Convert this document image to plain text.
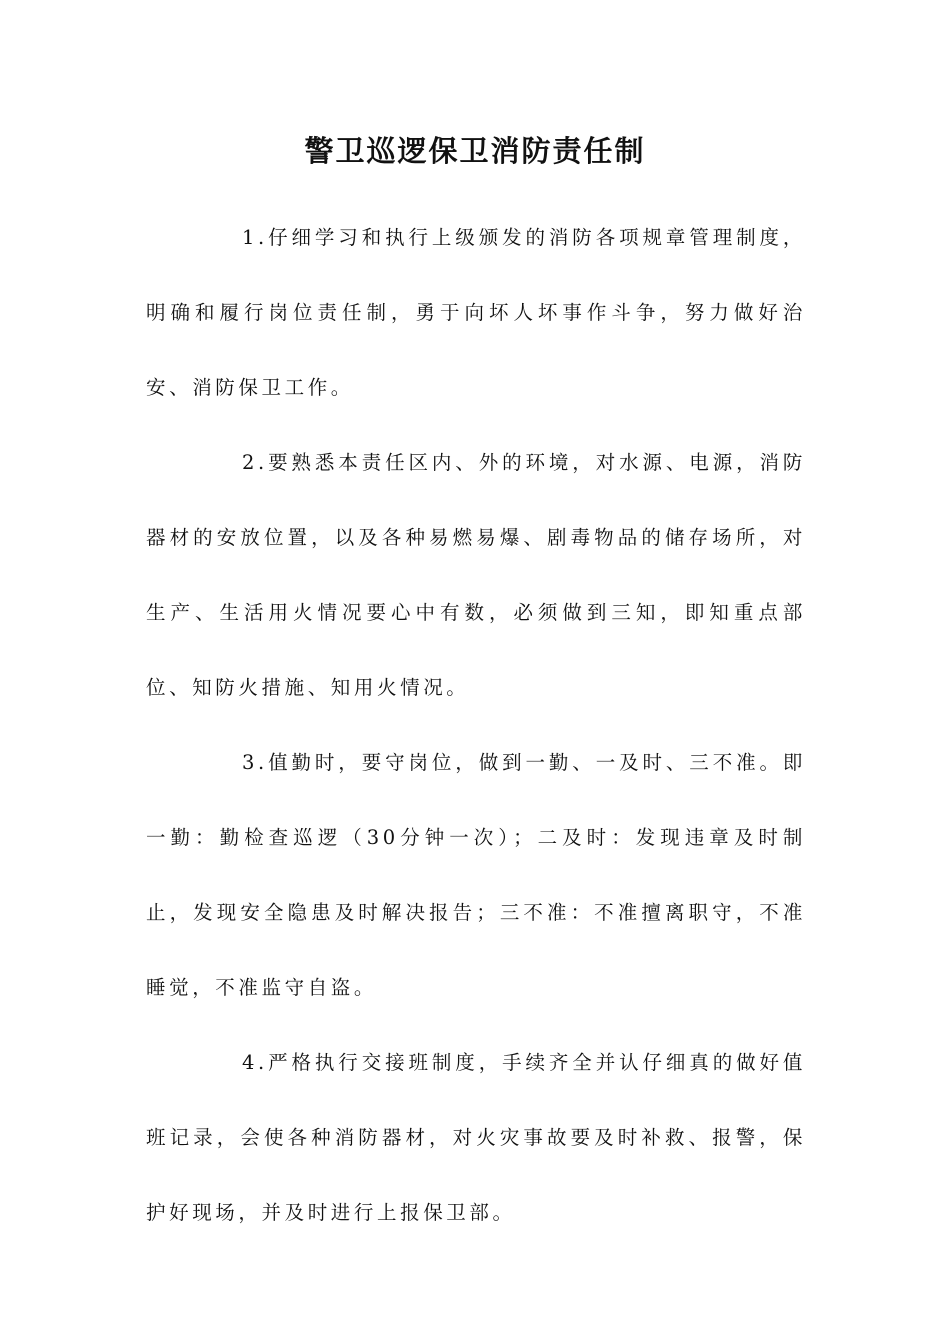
警卫巡逻保卫消防责任制

1.仔细学习和执行上级颁发的消防各项规章管理制度，明确和履行岗位责任制，勇于向坏人坏事作斗争，努力做好治安、消防保卫工作。

2.要熟悉本责任区内、外的环境，对水源、电源，消防器材的安放位置，以及各种易燃易爆、剧毒物品的储存场所，对生产、生活用火情况要心中有数，必须做到三知，即知重点部位、知防火措施、知用火情况。

3.值勤时，要守岗位，做到一勤、一及时、三不准。即一勤：勤检查巡逻（30分钟一次）；二及时：发现违章及时制止，发现安全隐患及时解决报告；三不准：不准擅离职守，不准睡觉，不准监守自盗。

4.严格执行交接班制度，手续齐全并认仔细真的做好值班记录，会使各种消防器材，对火灾事故要及时补救、报警，保护好现场，并及时进行上报保卫部。
